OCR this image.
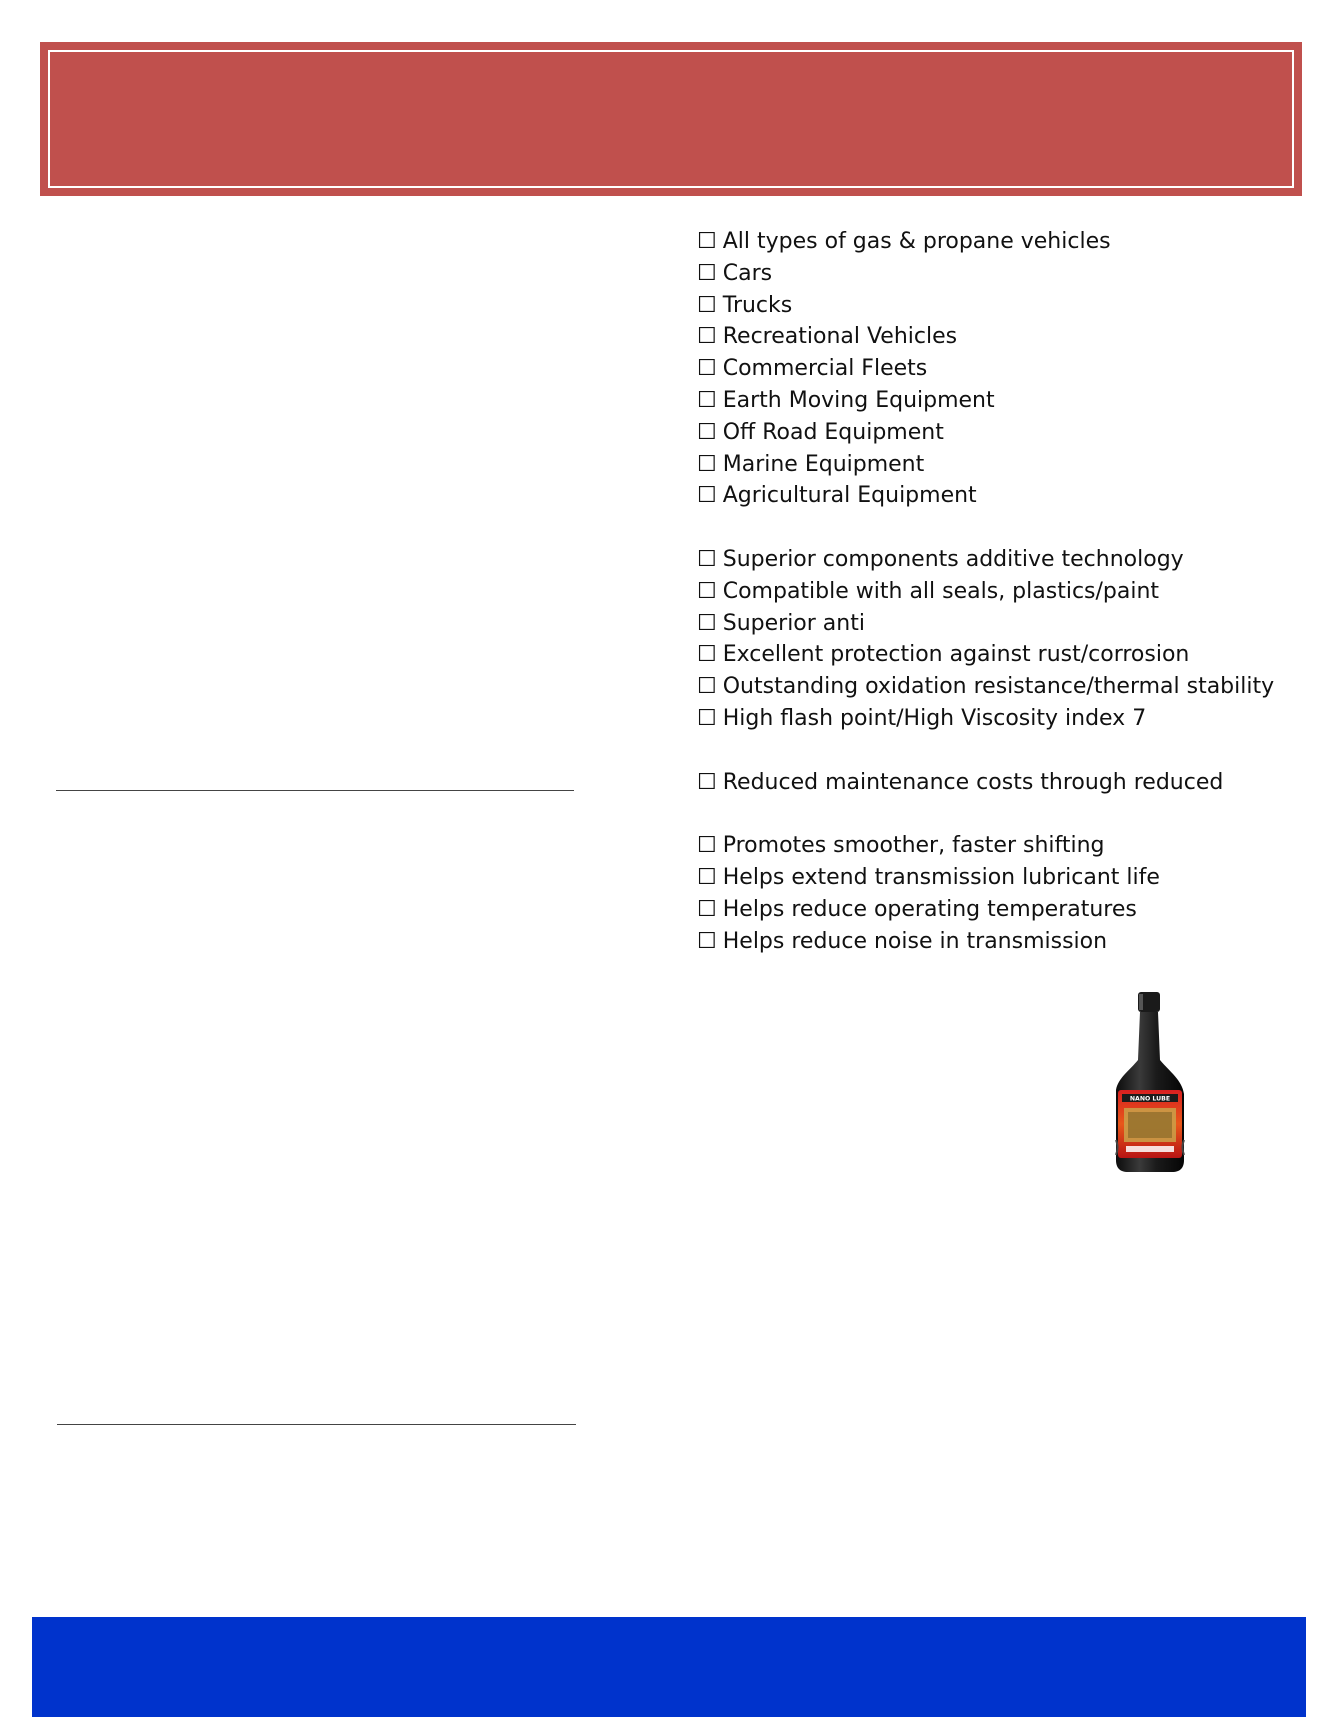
☐ All types of gas & propane vehicles
☐ Cars
☐ Trucks
☐ Recreational Vehicles
☐ Commercial Fleets
☐ Earth Moving Equipment
☐ Off Road Equipment
☐ Marine Equipment
☐ Agricultural Equipment
☐ Superior components additive technology
☐ Compatible with all seals, plastics/paint
☐ Superior anti
☐ Excellent protection against rust/corrosion
☐ Outstanding oxidation resistance/thermal stability
☐ High flash point/High Viscosity index 7
☐ Reduced maintenance costs through reduced
☐ Promotes smoother, faster shifting
☐ Helps extend transmission lubricant life
☐ Helps reduce operating temperatures
☐ Helps reduce noise in transmission
NANO LUBE
